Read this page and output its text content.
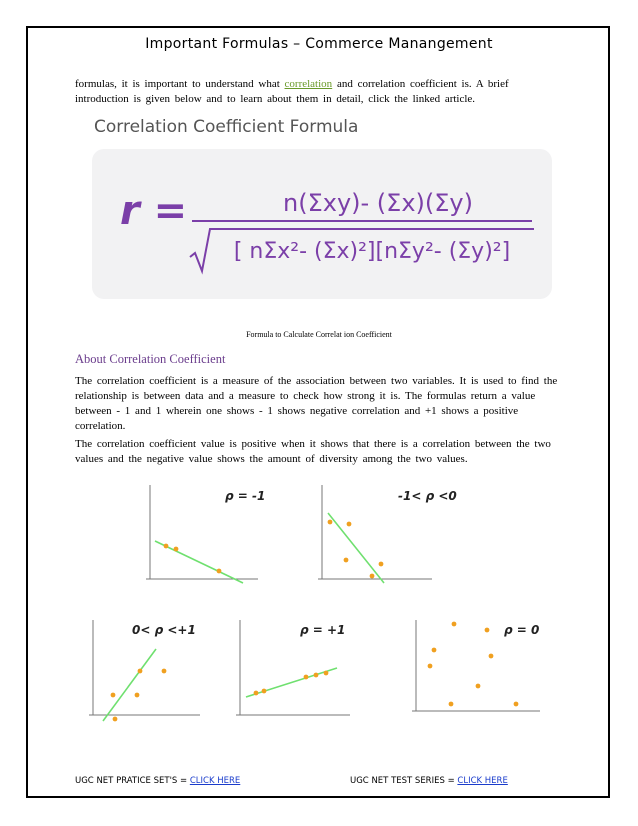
Important Formulas – Commerce Manangement
formulas, it is important to understand what correlation and correlation coefficient is. A brief introduction is given below and to learn about them in detail, click the linked article.
Correlation Coefficient Formula
r =	n(Σxy)- (Σx)(Σy)
[ nΣx²- (Σx)²][nΣy²- (Σy)²]
Formula to Calculate Correlat ion Coefficient
About Correlation Coefficient
The correlation coefficient is a measure of the association between two variables. It is used to find the relationship is between data and a measure to check how strong it is. The formulas return a value between - 1 and 1 wherein one shows - 1 shows negative correlation and +1 shows a positive correlation.
The correlation coefficient value is positive when it shows that there is a correlation between the two values and the negative value shows the amount of diversity among the two values.
ρ = -1	-1< ρ <0
0< ρ <+1	ρ = +1	ρ = 0
UGC NET PRATICE SET'S = CLICK HERE	UGC NET TEST SERIES = CLICK HERE
